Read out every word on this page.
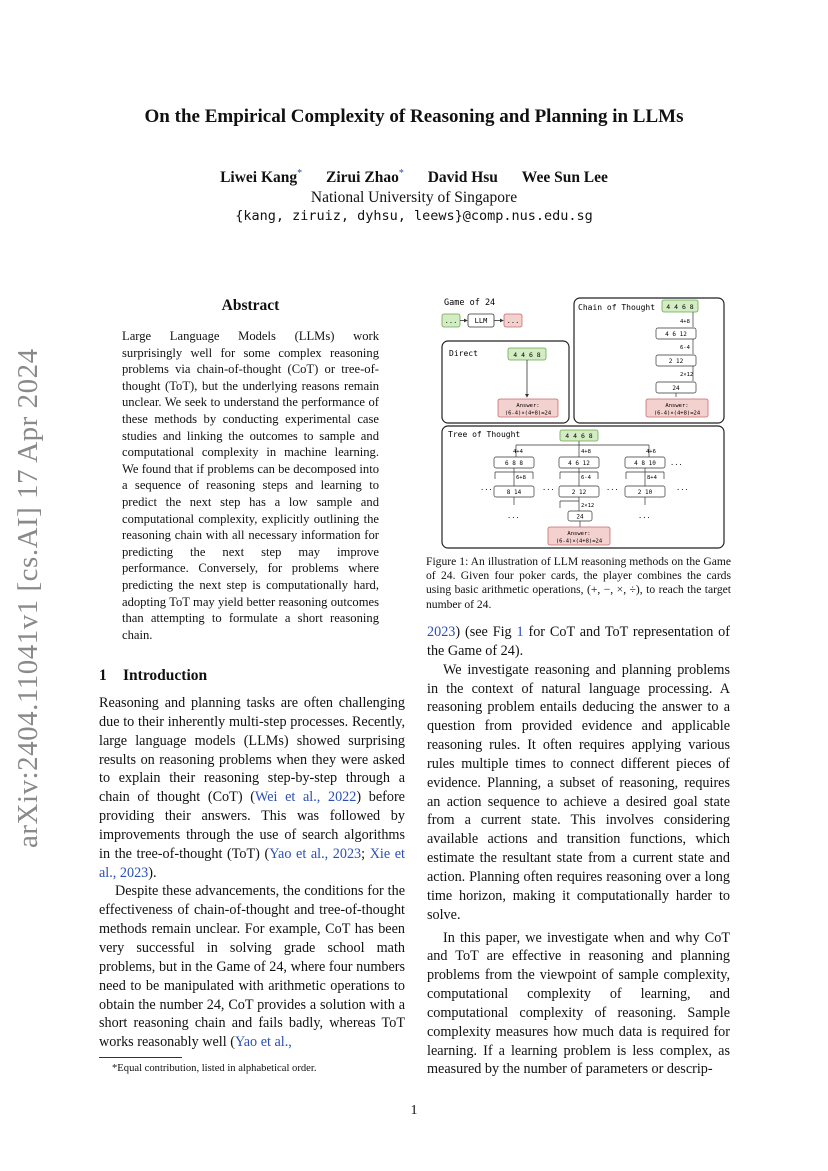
On the Empirical Complexity of Reasoning and Planning in LLMs
Liwei Kang* Zirui Zhao* David Hsu Wee Sun Lee
National University of Singapore
{kang, ziruiz, dyhsu, leews}@comp.nus.edu.sg
arXiv:2404.11041v1 [cs.AI] 17 Apr 2024
Abstract
Large Language Models (LLMs) work surprisingly well for some complex reasoning problems via chain-of-thought (CoT) or tree-of-thought (ToT), but the underlying reasons remain unclear. We seek to understand the performance of these methods by conducting experimental case studies and linking the outcomes to sample and computational complexity in machine learning. We found that if problems can be decomposed into a sequence of reasoning steps and learning to predict the next step has a low sample and computational complexity, explicitly outlining the reasoning chain with all necessary information for predicting the next step may improve performance. Conversely, for problems where predicting the next step is computationally hard, adopting ToT may yield better reasoning outcomes than attempting to formulate a short reasoning chain.
1 Introduction

Reasoning and planning tasks are often challenging due to their inherently multi-step processes. Recently, large language models (LLMs) showed surprising results on reasoning problems when they were asked to explain their reasoning step-by-step through a chain of thought (CoT) (Wei et al., 2022) before providing their answers. This was followed by improvements through the use of search algorithms in the tree-of-thought (ToT) (Yao et al., 2023; Xie et al., 2023).

Despite these advancements, the conditions for the effectiveness of chain-of-thought and tree-of-thought methods remain unclear. For example, CoT has been very successful in solving grade school math problems, but in the Game of 24, where four numbers need to be manipulated with arithmetic operations to obtain the number 24, CoT provides a solution with a short reasoning chain and fails badly, whereas ToT works reasonably well (Yao et al.,

*Equal contribution, listed in alphabetical order.
1
Game of 24
... LLM	...
Direct	4 4 6 8
Answer:
(6-4)×(4+8)=24
Chain of Thought 4 4 6 8
4+8
4 6 12
6-4
2 12
2×12
24
Answer:
(6-4)×(4+8)=24
Tree of Thought	4 4 6 8
4+4	4+8	4+6
...
6 8 8	4 6 12	4 8 10
6+8
...	...
6-4
...
8+4
...
8 14	2 12	2 10
...
2×12
...
24
Answer:
(6-4)×(4+8)=24
Figure 1: An illustration of LLM reasoning methods on the Game of 24. Given four poker cards, the player combines the cards using basic arithmetic operations, (+, −, ×, ÷), to reach the target number of 24.

2023) (see Fig 1 for CoT and ToT representation of the Game of 24).

We investigate reasoning and planning problems in the context of natural language processing. A reasoning problem entails deducing the answer to a question from provided evidence and applicable reasoning rules. It often requires applying various rules multiple times to connect different pieces of evidence. Planning, a subset of reasoning, requires an action sequence to achieve a desired goal state from a current state. This involves considering available actions and transition functions, which estimate the resultant state from a current state and action. Planning often requires reasoning over a long time horizon, making it computationally harder to solve.

In this paper, we investigate when and why CoT and ToT are effective in reasoning and planning problems from the viewpoint of sample complexity, computational complexity of learning, and computational complexity of reasoning. Sample complexity measures how much data is required for learning. If a learning problem is less complex, as measured by the number of parameters or descrip-
